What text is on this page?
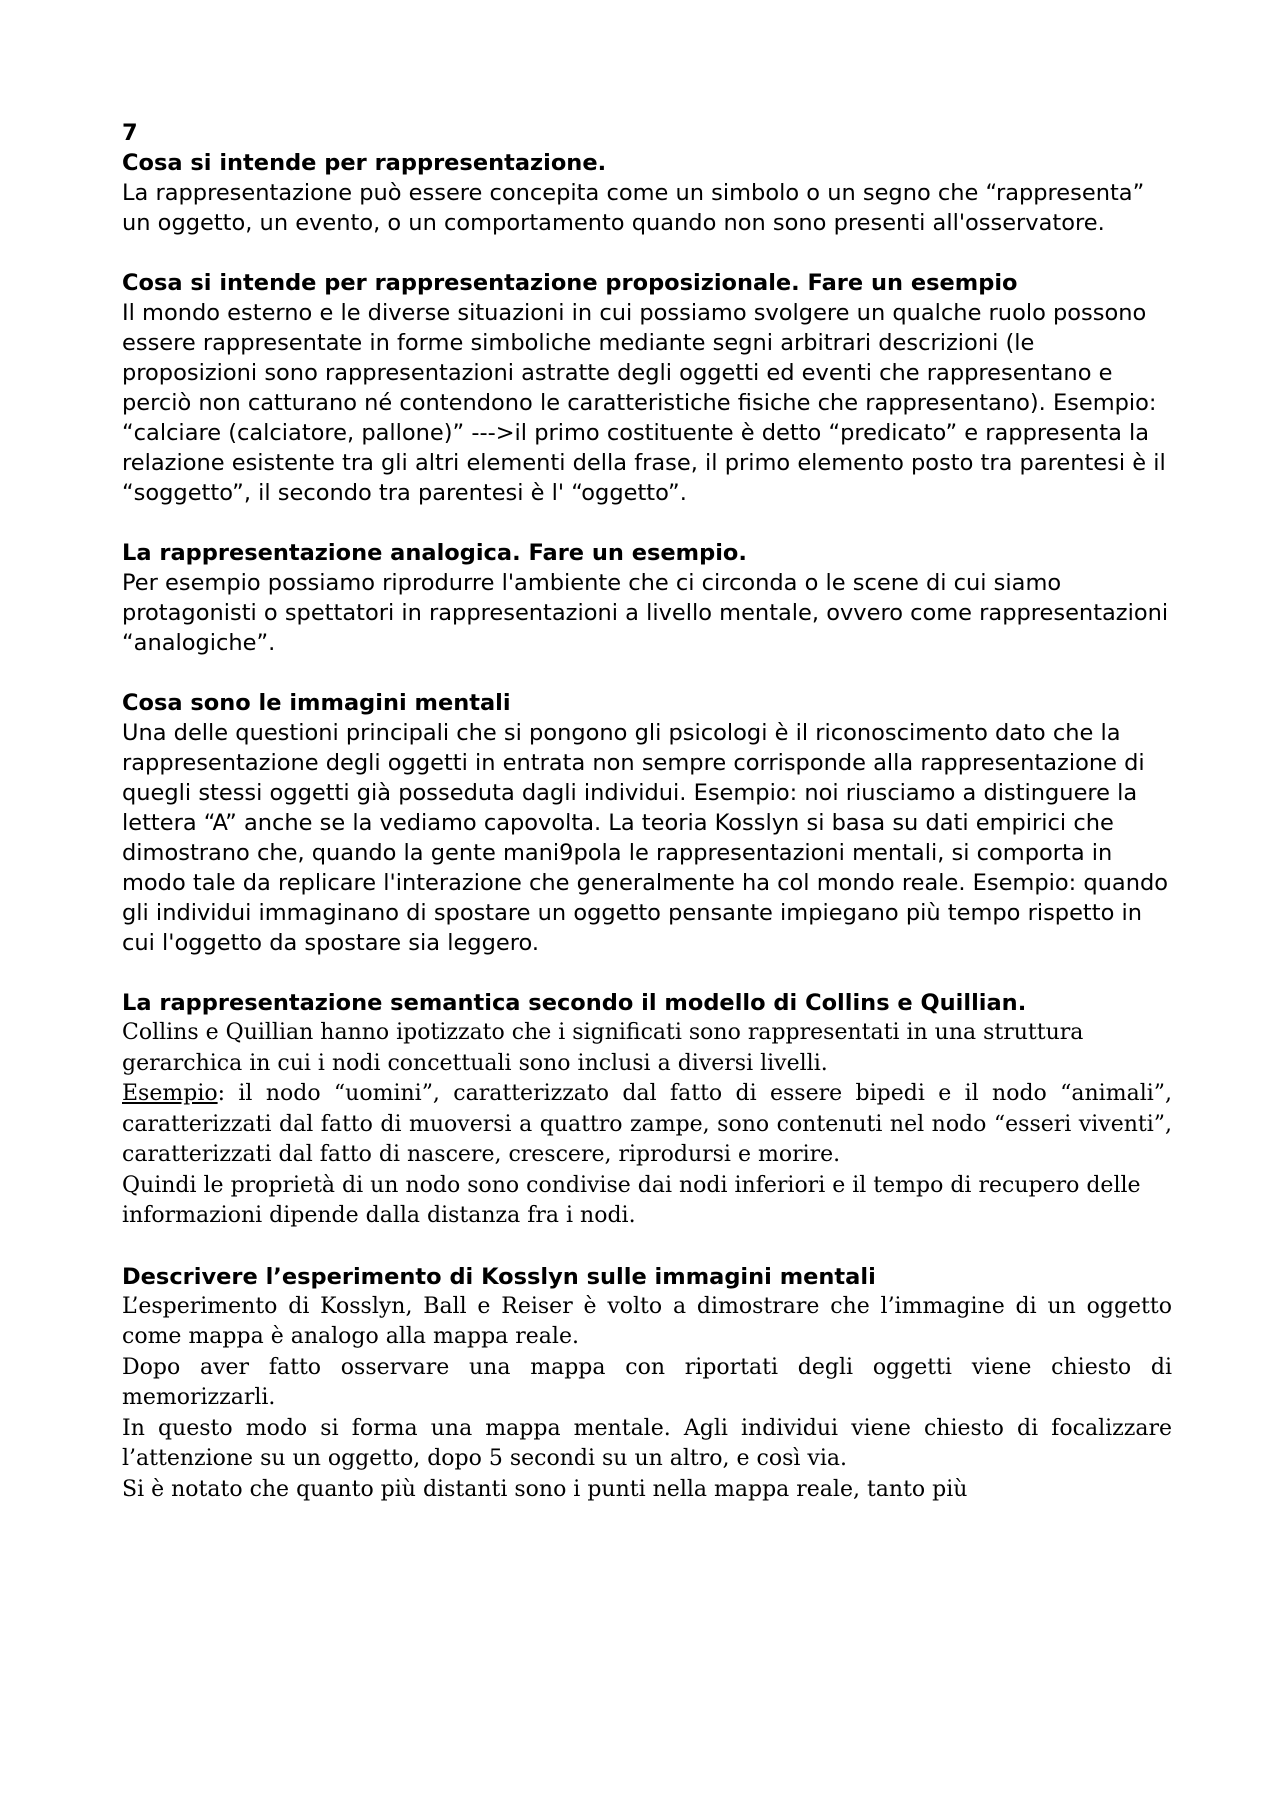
7

Cosa si intende per rappresentazione.

La rappresentazione può essere concepita come un simbolo o un segno che “rappresenta” un oggetto, un evento, o un comportamento quando non sono presenti all'osservatore.

Cosa si intende per rappresentazione proposizionale. Fare un esempio

Il mondo esterno e le diverse situazioni in cui possiamo svolgere un qualche ruolo possono essere rappresentate in forme simboliche mediante segni arbitrari descrizioni (le proposizioni sono rappresentazioni astratte degli oggetti ed eventi che rappresentano e perciò non catturano né contendono le caratteristiche fisiche che rappresentano). Esempio: “calciare (calciatore, pallone)” --->il primo costituente è detto “predicato” e rappresenta la relazione esistente tra gli altri elementi della frase, il primo elemento posto tra parentesi è il “soggetto”, il secondo tra parentesi è l' “oggetto”.

La rappresentazione analogica. Fare un esempio.

Per esempio possiamo riprodurre l'ambiente che ci circonda o le scene di cui siamo protagonisti o spettatori in rappresentazioni a livello mentale, ovvero come rappresentazioni “analogiche”.

Cosa sono le immagini mentali

Una delle questioni principali che si pongono gli psicologi è il riconoscimento dato che la rappresentazione degli oggetti in entrata non sempre corrisponde alla rappresentazione di quegli stessi oggetti già posseduta dagli individui. Esempio: noi riusciamo a distinguere la lettera “A” anche se la vediamo capovolta. La teoria Kosslyn si basa su dati empirici che dimostrano che, quando la gente mani9pola le rappresentazioni mentali, si comporta in modo tale da replicare l'interazione che generalmente ha col mondo reale. Esempio: quando gli individui immaginano di spostare un oggetto pensante impiegano più tempo rispetto in cui l'oggetto da spostare sia leggero.

La rappresentazione semantica secondo il modello di Collins e Quillian.

Collins e Quillian hanno ipotizzato che i significati sono rappresentati in una struttura gerarchica in cui i nodi concettuali sono inclusi a diversi livelli.

Esempio: il nodo “uomini”, caratterizzato dal fatto di essere bipedi e il nodo “animali”, caratterizzati dal fatto di muoversi a quattro zampe, sono contenuti nel nodo “esseri viventi”, caratterizzati dal fatto di nascere, crescere, riprodursi e morire.

Quindi le proprietà di un nodo sono condivise dai nodi inferiori e il tempo di recupero delle informazioni dipende dalla distanza fra i nodi.

Descrivere l’esperimento di Kosslyn sulle immagini mentali

L’esperimento di Kosslyn, Ball e Reiser è volto a dimostrare che l’immagine di un oggetto come mappa è analogo alla mappa reale.

Dopo aver fatto osservare una mappa con riportati degli oggetti viene chiesto di memorizzarli.

In questo modo si forma una mappa mentale. Agli individui viene chiesto di focalizzare l’attenzione su un oggetto, dopo 5 secondi su un altro, e così via.

Si è notato che quanto più distanti sono i punti nella mappa reale, tanto più
